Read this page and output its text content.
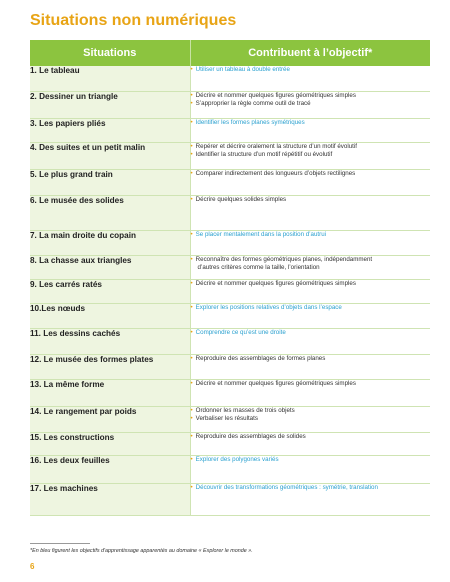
Situations non numériques
Situations	Contribuent à l’objectif*
1. Le tableau	• Utiliser un tableau à double entrée

2. Dessiner un triangle	• Décrire et nommer quelques figures géométriques simples
• S’approprier la règle comme outil de tracé

3. Les papiers pliés	• Identifier les formes planes symétriques

4. Des suites et un petit malin	• Repérer et décrire oralement la structure d’un motif évolutif
• Identifier la structure d’un motif répétitif ou évolutif

5. Le plus grand train	• Comparer indirectement des longueurs d’objets rectilignes

6. Le musée des solides	• Décrire quelques solides simples

7. La main droite du copain	• Se placer mentalement dans la position d’autrui

8. La chasse aux triangles	• Reconnaître des formes géométriques planes, indépendamment
d’autres critères comme la taille, l’orientation

9. Les carrés ratés	• Décrire et nommer quelques figures géométriques simples

10.Les nœuds	• Explorer les positions relatives d’objets dans l’espace

11. Les dessins cachés	• Comprendre ce qu’est une droite

12. Le musée des formes plates	• Reproduire des assemblages de formes planes

13. La même forme	• Décrire et nommer quelques figures géométriques simples

14. Le rangement par poids	• Ordonner les masses de trois objets
• Verbaliser les résultats

15. Les constructions	• Reproduire des assemblages de solides

16. Les deux feuilles	• Explorer des polygones variés

17. Les machines	• Découvrir des transformations géométriques : symétrie, translation

*En bleu figurent les objectifs d'apprentissage apparentés au domaine « Explorer le monde ».

6
